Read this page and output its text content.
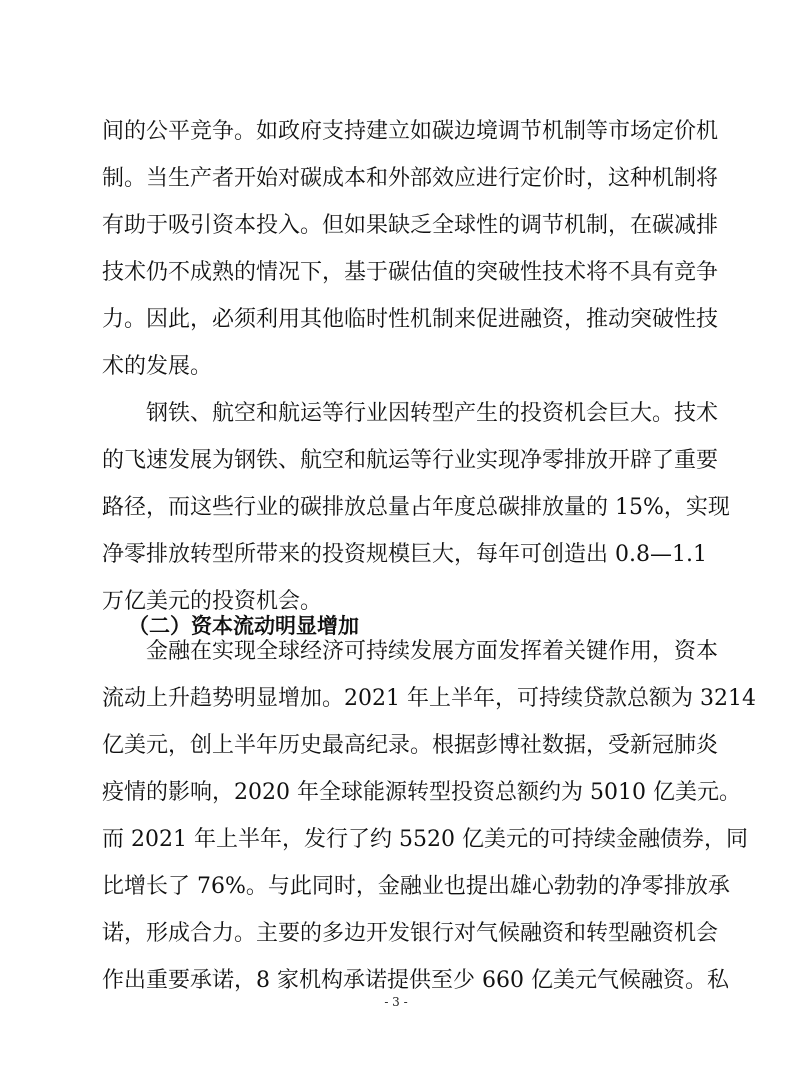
间的公平竞争。如政府支持建立如碳边境调节机制等市场定价机
制。当生产者开始对碳成本和外部效应进行定价时，这种机制将
有助于吸引资本投入。但如果缺乏全球性的调节机制，在碳减排
技术仍不成熟的情况下，基于碳估值的突破性技术将不具有竞争
力。因此，必须利用其他临时性机制来促进融资，推动突破性技
术的发展。
钢铁、航空和航运等行业因转型产生的投资机会巨大。技术
的飞速发展为钢铁、航空和航运等行业实现净零排放开辟了重要
路径，而这些行业的碳排放总量占年度总碳排放量的 15%，实现
净零排放转型所带来的投资规模巨大，每年可创造出 0.8—1.1
万亿美元的投资机会。
（二）资本流动明显增加
金融在实现全球经济可持续发展方面发挥着关键作用，资本
流动上升趋势明显增加。2021 年上半年，可持续贷款总额为 3214
亿美元，创上半年历史最高纪录。根据彭博社数据，受新冠肺炎
疫情的影响，2020 年全球能源转型投资总额约为 5010 亿美元。
而 2021 年上半年，发行了约 5520 亿美元的可持续金融债券，同
比增长了 76%。与此同时，金融业也提出雄心勃勃的净零排放承
诺，形成合力。主要的多边开发银行对气候融资和转型融资机会
作出重要承诺，8 家机构承诺提供至少 660 亿美元气候融资。私
- 3 -
